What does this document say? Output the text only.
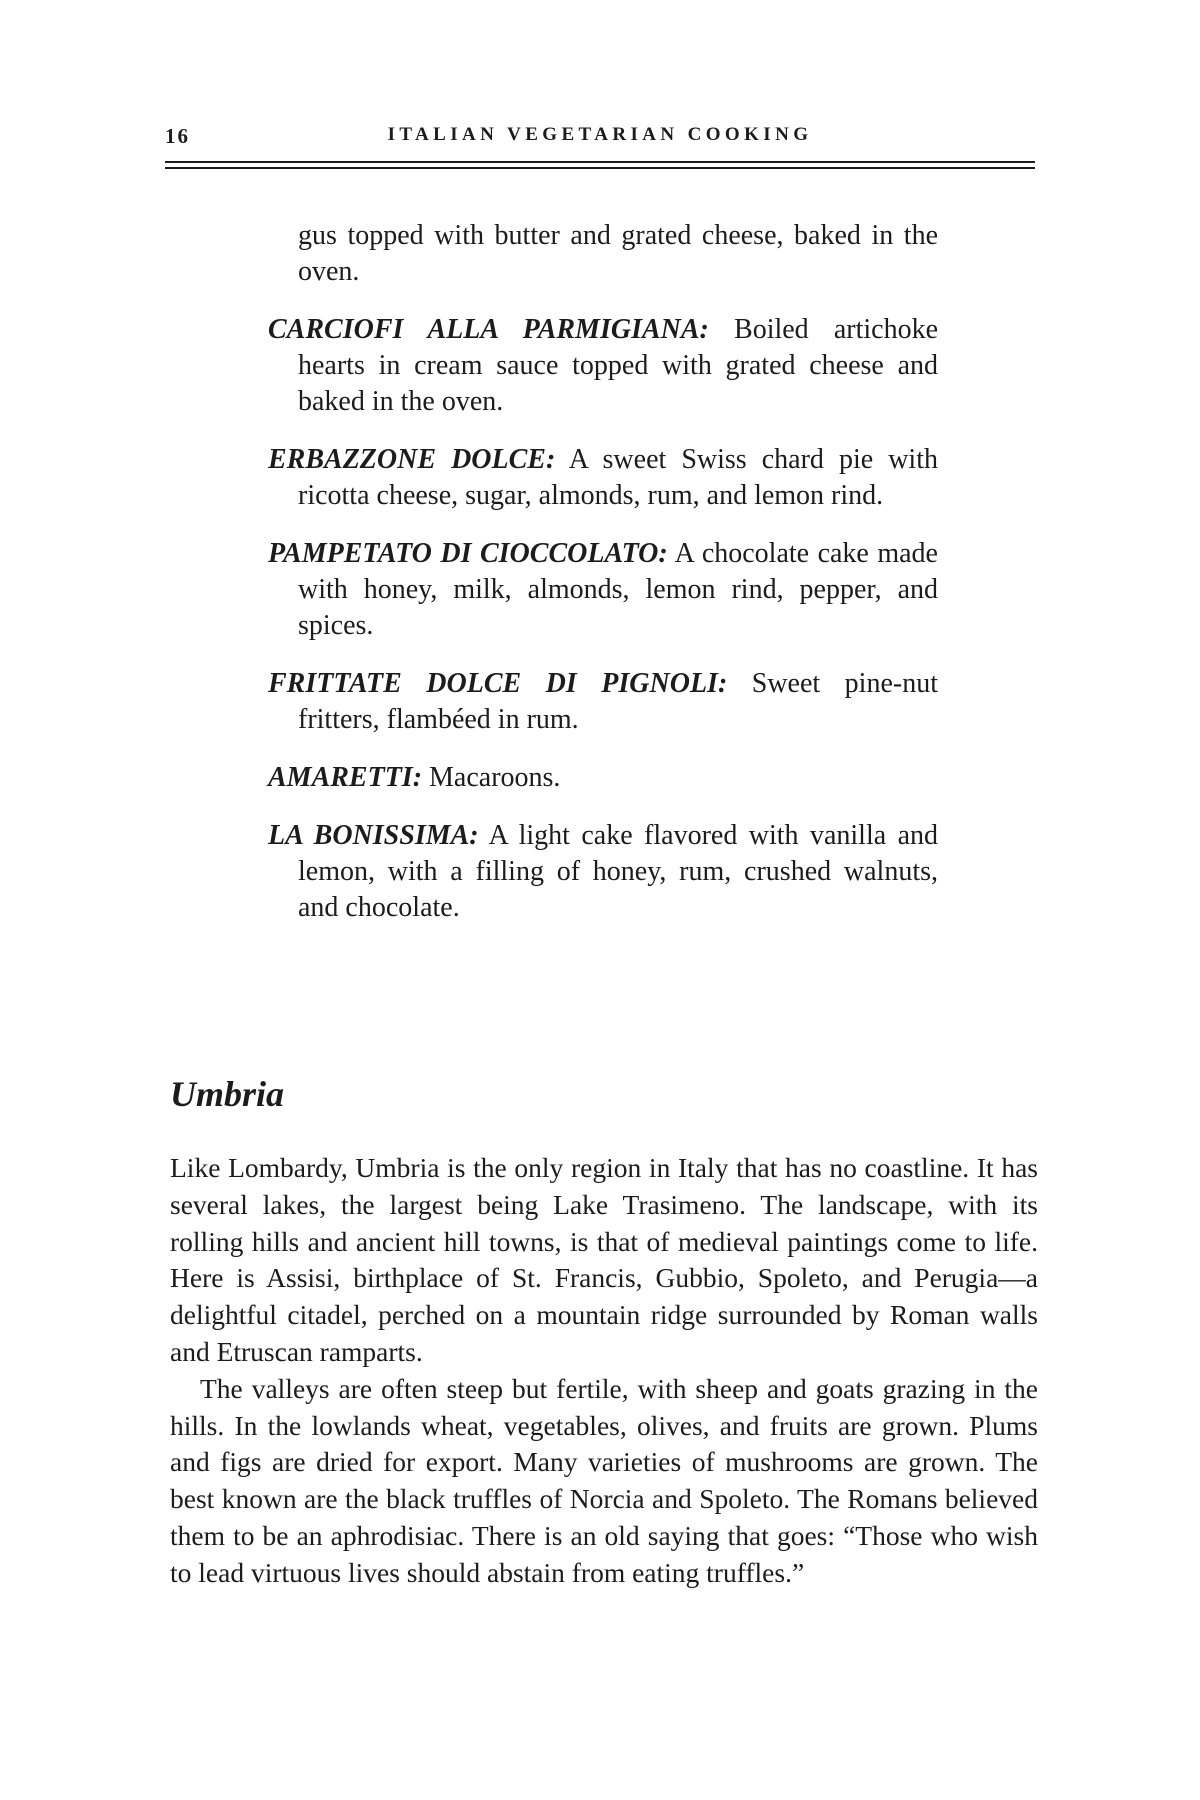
16	ITALIAN VEGETARIAN COOKING

gus topped with butter and grated cheese, baked in the oven.

CARCIOFI ALLA PARMIGIANA: Boiled artichoke hearts in cream sauce topped with grated cheese and baked in the oven.

ERBAZZONE DOLCE: A sweet Swiss chard pie with ricotta cheese, sugar, almonds, rum, and lemon rind.

PAMPETATO DI CIOCCOLATO: A chocolate cake made with honey, milk, almonds, lemon rind, pepper, and spices.

FRITTATE DOLCE DI PIGNOLI: Sweet pine-nut fritters, flambéed in rum.

AMARETTI: Macaroons.

LA BONISSIMA: A light cake flavored with vanilla and lemon, with a filling of honey, rum, crushed walnuts, and chocolate.

Umbria

Like Lombardy, Umbria is the only region in Italy that has no coastline. It has several lakes, the largest being Lake Trasimeno. The landscape, with its rolling hills and ancient hill towns, is that of medieval paintings come to life. Here is Assisi, birthplace of St. Francis, Gubbio, Spoleto, and Perugia—a delightful citadel, perched on a mountain ridge surrounded by Roman walls and Etruscan ramparts.

The valleys are often steep but fertile, with sheep and goats grazing in the hills. In the lowlands wheat, vegetables, olives, and fruits are grown. Plums and figs are dried for export. Many varieties of mushrooms are grown. The best known are the black truffles of Norcia and Spoleto. The Romans believed them to be an aphrodisiac. There is an old saying that goes: “Those who wish to lead virtuous lives should abstain from eating truffles.”
